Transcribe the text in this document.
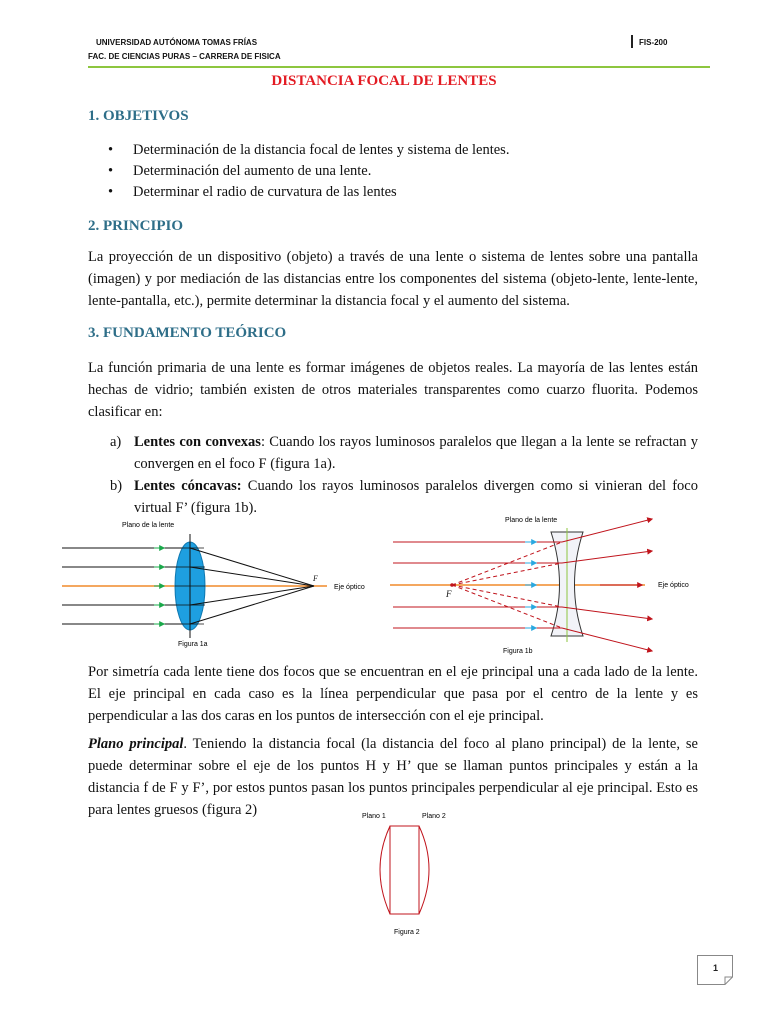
UNIVERSIDAD AUTÓNOMA TOMAS FRÍAS
FAC. DE CIENCIAS PURAS – CARRERA DE FISICA
FIS-200
DISTANCIA FOCAL DE LENTES
1. OBJETIVOS
• Determinación de la distancia focal de lentes y sistema de lentes.
• Determinación del aumento de una lente.
• Determinar el radio de curvatura de las lentes
2. PRINCIPIO

La proyección de un dispositivo (objeto) a través de una lente o sistema de lentes sobre una pantalla (imagen) y por mediación de las distancias entre los componentes del sistema (objeto-lente, lente-lente, lente-pantalla, etc.), permite determinar la distancia focal y el aumento del sistema.

3. FUNDAMENTO TEÓRICO

La función primaria de una lente es formar imágenes de objetos reales. La mayoría de las lentes están hechas de vidrio; también existen de otros materiales transparentes como cuarzo fluorita. Podemos clasificar en:

a) Lentes con convexas: Cuando los rayos luminosos paralelos que llegan a la lente se refractan y convergen en el foco F (figura 1a).
b) Lentes cóncavas: Cuando los rayos luminosos paralelos divergen como si vinieran del foco virtual F’ (figura 1b).
Plano de la lente
F
Eje óptico
Figura 1a
Plano de la lente
F
Eje óptico
Figura 1b

Por simetría cada lente tiene dos focos que se encuentran en el eje principal una a cada lado de la lente. El eje principal en cada caso es la línea perpendicular que pasa por el centro de la lente y es perpendicular a las dos caras en los puntos de intersección con el eje principal.

Plano principal. Teniendo la distancia focal (la distancia del foco al plano principal) de la lente, se puede determinar sobre el eje de los puntos H y H’ que se llaman puntos principales y están a la distancia f de F y F’, por estos puntos pasan los puntos principales perpendicular al eje principal. Esto es para lentes gruesos (figura 2)	Plano 1	Plano 2
Figura 2
1
